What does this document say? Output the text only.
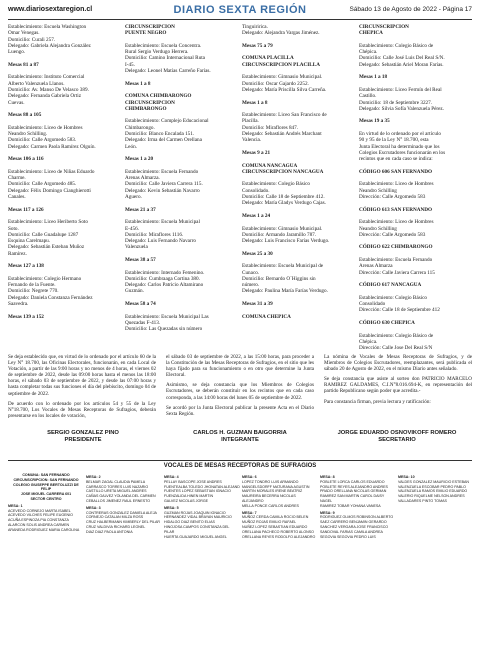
www.diariosextaregion.cl	DIARIO SEXTA REGIÓN	Sábado 13 de Agosto de 2022 - Página 17
Establecimiento: Escuela Washington
Omar Venegas.
Domicilio: Curali 257.
Delegado: Gabriela Alejandra González
Luengo.
Mesas 81 a 87
Establecimiento: Instituto Comercial
Alberto Valenzuela Llanos.
Domicilio: Av. Manso De Velasco 389.
Delegado: Fernanda Gabriela Ortiz
Cuevas.
Mesas 88 a 105
Establecimiento: Liceo de Hombres
Neandro Schilling.
Domicilio: Calle Argomedo 583.
Delegado: Carmen Paola Ramírez Olguín.
Mesas 106 a 116
Establecimiento: Liceo de Niñas Eduardo
Charme.
Domicilio: Calle Argomedo 485.
Delegado: Félix Domingo Cianghierotti
Canales.
Mesas 117 a 126
Establecimiento: Liceo Heriberto Soto
Soto.
Domicilio: Calle Guadalupe 1287
Esquina Carelmapu.
Delegado: Sebastián Esteban Muñoz
Ramírez.
Mesas 127 a 138
Establecimiento: Colegio Hermano
Fernando de la Fuente.
Domicilio: Negrete 770.
Delegado: Daniela Constanza Fernández
Saavedra.
Mesas 139 a 152
CIRCUNSCRIPCION
PUENTE NEGRO
Establecimiento: Escuela Concentra.
Rural Sergio Verdugo Herrera.
Domicilio: Camino Internacional Ruta
I-45.
Delegado: Leonel Matías Carreño Farías.
Mesas 1 a 8
COMUNA CHIMBARONGO
CIRCUNSCRIPCION
CHIMBARONGO
Establecimiento: Complejo Educacional
Chimbarongo.
Domicilio: Blanco Encalada 151.
Delegado: Irma del Carmen Orellana
León.
Mesas 1 a 20
Establecimiento: Escuela Fernando
Arenas Almarza.
Domicilio: Calle Javiera Carrera 115.
Delegado: Kevin Sebastián Navarro
Aguero.
Mesas 21 a 37
Establecimiento: Escuela Municipal
E-456.
Domicilio: Miraflores 1116.
Delegado: Luis Fernando Navarro
Valenzuela
Mesas 38 a 57
Establecimiento: Internado Femenino.
Domicilio: Cumbraaga Cortina 380.
Delegado: Carlos Patricio Altamirano
Guzmán.
Mesas 58 a 74
Establecimiento: Escuela Municipal Las
Quezadas F-413.
Domicilio: Las Quezadas sin número
Tinguiririca.
Delegado: Alejandra Vargas Jiménez.
Mesas 75 a 79
COMUNA PLACILLA
CIRCUNSCRIPCION PLACILLA
Establecimiento: Gimnasio Municipal.
Domicilio: Oscar Gajardo 2252.
Delegado: María Priscilla Silva Carreña.
Mesas 1 a 8
Establecimiento: Liceo San Francisco de
Placilla.
Domicilio: Miraflores 847.
Delegado: Sebastián Andrés Marchant
Valencia.
Mesas 9 a 21
COMUNA NANCAGUA
CIRCUNSCRIPCION NANCAGUA
Establecimiento: Colegio Básico
Consolidado.
Domicilio: Calle 18 de Septiembre 412.
Delegado: María Gladys Verdugo Cajas.
Mesas 1 a 24
Establecimiento: Gimnasio Municipal.
Domicilio: Armando Jaramillo 787.
Delegado: Luis Francisco Farías Verdugo.
Mesas 25 a 30
Establecimiento: Escuela Municipal de
Cunaco.
Domicilio: Bernardo O´Higgins sin
número.
Delegado: Paulina María Farías Verdugo.
Mesas 31 a 39
COMUNA CHEPICA
CIRCUNSCRIPCION
CHEPICA
Establecimiento: Colegio Básico de
Chépica.
Domicilio: Calle José Luis Del Real S/N.
Delegado: Sebastián Ariel Moran Farías.
Mesas 1 a 18
Establecimiento: Liceo Fermín del Real
Castillo.
Domicilio: 18 de Septiembre 3227.
Delegado: Silvia Sofía Valenzuela Pérez.
Mesas 19 a 35
En virtud de lo ordenado por el artículo
90 y 95 de la Ley N° 18.700, esta
Junta Electoral ha determinado que los
Colegios Escrutadores funcionarán en los
recintos que en cada caso se indica:
CÓDIGO 606 SAN FERNANDO
Establecimiento: Liceo de Hombres
Neandro Schilling
Dirección: Calle Argomedo 583
CÓDIGO 613 SAN FERNANDO
Establecimiento: Liceo de Hombres
Neandro Schilling
Dirección: Calle Argomedo 583
CÓDIGO 622 CHIMBARONGO
Establecimiento: Escuela Fernando
Arenas Almarza
Dirección: Calle Javiera Carrera 115
CÓDIGO 617 NANCAGUA
Establecimiento: Colegio Básico
Consolidado
Dirección: Calle 18 de Septiembre 412
CÓDIGO 630 CHEPICA
Establecimiento: Colegio Básico de
Chépica.
Dirección: Calle Jose Del Real S/N

Se deja establecido que, en virtud de lo ordenado por el artículo 60 de la Ley N° 18.700, las Oficinas Electorales, funcionarán, en cada Local de Votación, a partir de las 9:00 horas y no menos de 4 horas, el viernes 02 de septiembre de 2022, desde las 09:00 horas hasta el menos las 18:00 horas, el sábado 03 de septiembre de 2022, y desde las 07:00 horas y hasta completar todas sus funciones el día del plebiscito, domingo 04 de septiembre de 2022.

De acuerdo con lo ordenado por los artículos 54 y 55 de la Ley N°18.700, Los Vocales de Mesas Receptoras de Sufragios, deberán presentarse en los locales de votación,

el sábado 03 de septiembre de 2022, a las 15:00 horas, para proceder a la Constitución de las Mesas Receptoras de Sufragios, en el sitio que les haya fijado para su funcionamiento o en otro que determine la Junta Electoral.

Asimismo, se deja constancia que los Miembros de Colegios Escrutadores, se deberán constituir en los recintos que en cada caso corresponda, a las 14:00 horas del lunes 05 de septiembre de 2022.

Se acordó por la Junta Electoral publicar la presente Acta en el Diario Sexta Región.

La nómina de Vocales de Mesas Receptoras de Sufragios, y de Miembros de Colegios Escrutadores, reemplazantes, será publicada el sábado 20 de Agosto de 2022, en el mismo Diario antes señalado.

Se deja constancia que asiste al sorteo don PATRICIO MARCELO RAMIREZ GALDAMES, C.I.N°8.016.694-K, en representación del partido Republicano según poder que acredita.-

Para constancia firman, previa lectura y ratificación:

SERGIO GONZALEZ PINO
PRESIDENTE
CARLOS H. GUZMAN BAIGORRIA
INTEGRANTE
JORGE EDUARDO OSNOVIKOFF ROMERO
SECRETARIO
VOCALES DE MESAS RECEPTORAS DE SUFRAGIOS
COMUNA: SAN FERNANDO
CIRCUNSCRIPCION: SAN FERNANDO
COLEGIO GIUSEPPE BERTOLUZZI DE FELIP
JOSE MIGUEL CARRERA 601
SECTOR CENTRO
MESA: 1
ACEVEDO CORNEJO MARTA ISABEL
ACEVEDO VILCHES FELIPE EUGENIO
ACUÑA ESPINOZA PIA CONSTANZA
ALARCON SOLIS ANDREA CARMEN
ARANEDA RODRIGUEZ MARIA CAROLINA
MESA: 2
BELMAR ZAGAL CLAUDIA PAMELA
CARRASCO TORRES LUIS NAZARIO
CASTILLO URETA MIGUEL ANDRES
CAÑAS GALVEZ YOLANDA DEL CARMEN
CEBALLOS JIMENEZ RAUL ERNESTO
MESA: 3
CONTRERAS GONZALEZ DANIELA ALEJA
CORNEJO CATALAN MILZA ROSS
CRUZ HALBERMANN KIMBERLY DEL PILAR
CRUZ VALDIVIA RICHARD LEONEL
DIAZ DIAZ PAOLA ANTONIA
MESA: 4
PELLAY BASCOPE JOSE ANDRES
FUENTEALBA TOLEDO JHONATAN ALEJAND
FUENTES LOPEZ SEBASTIAN IGNACIO
FUENZALIDA HINEN MARTIN
GALVEZ NICOLAS JORGE
MESA: 5
GUZMAN ROJAS JOAQUIN IGNACIO
HERNANDEZ VIDAL BRAYAN MAURICIO
HIDALGO DIAZ BENITO ELIAS
HINOJOSA CAMPOS CONSTANZA DEL PILAR
HUERTA GUAJARDO MIGUEL ANGEL
MESA: 6
LOPEZ TONDRO LUIS ARMANDO
MANGELSDORFF MATURANA AGUSTIN
MARTIN MORALES IRENE BEATRIZ
MAUREIRA BECERRA NICOLAS ALEJANDRO
MELLA PONCE CARLOS ANDRES
MESA: 7
MUÑOZ CERDA CAMILA ROCIO BELEN
MUÑOZ ROJAS EMILIO RAFAEL
NUÑEZ LOPEZ SEBASTIAN EDUARDO
ORELLANA PACHECO ROBERTO ALONSO
ORELLANA REYES RODOLFO ALEJANDRO
MESA: 8
POBLETE LORCA CARLOS EDUARDO
POBLETE REYES ALEJANDRO ANDRES
PRADO ORELLANA NICOLAS GERMAN
RAMIREZ SAN MARTIN CAROL DAISY NAGEL
RAMIREZ TOBAR YOHANA VANESA
MESA: 9
RODRIGUEZ OLMOS ROBINSON ALBERTO
SAEZ CARRERO BENJAMIN GERARDO
SANCHEZ VERGARA JOSE FRANCISCO
SANDOVAL FARIAS CAMILA ANDREA
SEGOVIA SEGOVIA PEDRO LUIS
MESA: 10
VALDES GONZALEZ MAURICIO ESTEBAN
VALENZUELA ESCOBAR PEDRO PABLO
VALENZUELA RAMOS EMILIO EDUARDO
VALERIO RIQUELME NELSON ANDRES
VALLADARES PINTO TOMAS
